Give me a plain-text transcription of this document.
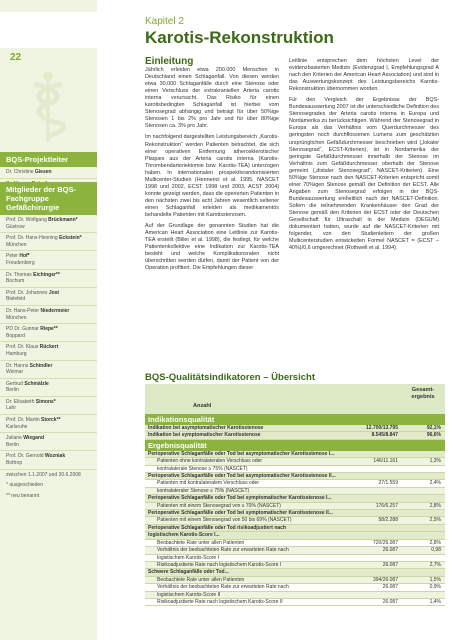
22
BQS-Projektleiter
Dr. Christine Giesen
Mitglieder der BQS-Fachgruppe Gefäßchirurgie
Prof. Dr. Wolfgang Brückmann*
Güstrow
Prof. Dr. Hans-Henning Eckstein*
München
Peter Hof*
Freudenberg
Dr. Thomas Eichinger**
Bochum
Prof. Dr. Johannes Jost
Bielefeld
Dr. Hans-Peter Niedermeier
München
PD Dr. Gunnar Riepe**
Boppard
Prof. Dr. Klaus Rückert
Hamburg
Dr. Hanns Schindler
Weimar
Gertrud Schmälzle
Berlin
Dr. Elisabeth Simons*
Lahr
Prof. Dr. Martin Storck**
Karlsruhe
Juliane Wiegand
Berlin
Prof. Dr. Gernold Wozniak
Bottrop
zwischen 1.1.2007 und 30.6.2008
* ausgeschieden
** neu benannt
Kapitel 2
Karotis-Rekonstruktion
Einleitung

Jährlich erleiden etwa 200.000 Menschen in Deutschland einen Schlaganfall. Von diesen werden etwa 30.000 Schlaganfälle durch eine Stenose oder einen Verschluss der extrakraniellen Arteria carotis interna verursacht. Das Risiko für einen karotisbedingten Schlaganfall ist hierbei vom Stenosegrad abhängig und beträgt für über 50%ige Stenosen 1 bis 2% pro Jahr und für über 80%ige Stenosen ca. 3% pro Jahr.

Im nachfolgend dargestellten Leistungsbereich „Karotis-Rekonstruktion“ werden Patienten betrachtet, die sich einer operativen Entfernung atherosklerotischer Plaques aus der Arteria carotis interna (Karotis-Thrombendarteriektomie bzw. Karotis-TEA) unterzogen haben. In internationalen prospektivrandomisierten Multicenter-Studien (Hennerici et al. 1995, NASCET 1998 und 2002, ECST 1998 und 2003, ACST 2004) konnte gezeigt werden, dass die operierten Patienten in den nächsten zwei bis acht Jahren wesentlich seltener einen Schlaganfall erleiden als medikamentös behandelte Patienten mit Karotisstenosen.

Auf der Grundlage der genannten Studien hat die American Heart Association eine Leitlinie zur Karotis-TEA erstellt (Biller et al. 1998), die festlegt, für welche Patientenkollektive eine Indikation zur Karotis-TEA besteht und welche Komplikationsraten nicht überschritten werden dürfen, damit der Patient von der Operation profitiert. Die Empfehlungen dieser

Leitlinie entsprechen dem höchsten Level der evidenzbasierten Medizin (Evidenzgrad I, Empfehlungsgrad A nach den Kriterien der American Heart Association) und sind in das Auswertungskonzept des Leistungsbereichs Karotis-Rekonstruktion übernommen worden.

Für den Vergleich der Ergebnisse der BQS-Bundesauswertung 2007 ist die unterschiedliche Definition des Stenosegrades der Arteria carotis interna in Europa und Nordamerika zu berücksichtigen. Während der Stenosegrad in Europa als das Verhältnis vom Querdurchmesser des geringsten noch durchflossenen Lumens zum geschätzten ursprünglichen Gefäßdurchmesser beschrieben wird („lokaler Stenosegrad“, ECST-Kriterien), ist in Nordamerika der geringste Gefäßdurchmesser innerhalb der Stenose im Verhältnis zum Gefäßdurchmesser oberhalb der Stenose gemeint („distaler Stenosegrad“, NASCET-Kriterien). Eine 50%ige Stenose nach den NASCET-Kriterien entspricht somit einer 70%igen Stenose gemäß der Definition der ECST. Alle Angaben zum Stenosegrad erfolgen in der BQS-Bundesauswertung einheitlich nach der NASCET-Definition. Sofern die teilnehmenden Krankenhäuser den Grad der Stenose gemäß den Kriterien der ECST oder der Deutschen Gesellschaft für Ultraschall in der Medizin (DEGUM) dokumentiert hatten, wurde auf die NASCET-Kriterien mit folgender, von den Studienleitern der großen Multicenterstudien entwickelten Formel NASCET = (ECST – 40%)/0,6 umgerechnet (Rothwell et al. 1994).

BQS-Qualitätsindikatoren – Übersicht
Anzahl
Gesamt-ergebnis
Indikationsqualität
Indikation bei asymptomatischer Karotisstenose	12.700/13.795	92,1%
Indikation bei symptomatischer Karotisstenose	8.545/8.847	96,6%
Ergebnisqualität
Perioperative Schlaganfälle oder Tod bei asymptomatischer Karotisstenose I...
Patienten ohne kontralateralen Verschluss oder	146/11.161	1,3%
kontralaterale Stenose ≥ 75% (NASCET)
Perioperative Schlaganfälle oder Tod bei asymptomatischer Karotisstenose II...
Patienten mit kontralateralem Verschluss oder	27/1.559	2,4%
kontralateraler Stenose ≥ 75% (NASCET)
Perioperative Schlaganfälle oder Tod bei symptomatischer Karotisstenose I...
Patienten mit einem Stenosegrad von ≥ 70% (NASCET)	176/6.257	2,8%
Perioperative Schlaganfälle oder Tod bei symptomatischer Karotisstenose II...
Patienten mit einem Stenosegrad von 50 bis 69% (NASCET)	58/2.288	2,5%
Perioperative Schlaganfälle oder Tod risikoadjustiert nach
logistischem Karotis-Score I...
Beobachtete Rate unter allen Patienten	720/26.087	2,8%
Verhältnis der beobachteten Rate zur erwarteten Rate nach	26.087	0,98
logistischem Karotis-Score I
Risikoadjustierte Rate nach logistischem Karotis-Score I	26.087	2,7%
Schwere Schlaganfälle oder Tod...
Beobachtete Rate unter allen Patienten	394/26.087	1,5%
Verhältnis der beobachteten Rate zur erwarteten Rate nach	26.087	0,9%
logistischem Karotis-Score II
Risikoadjustierte Rate nach logistischem Karotis-Score II	26.087	1,4%
